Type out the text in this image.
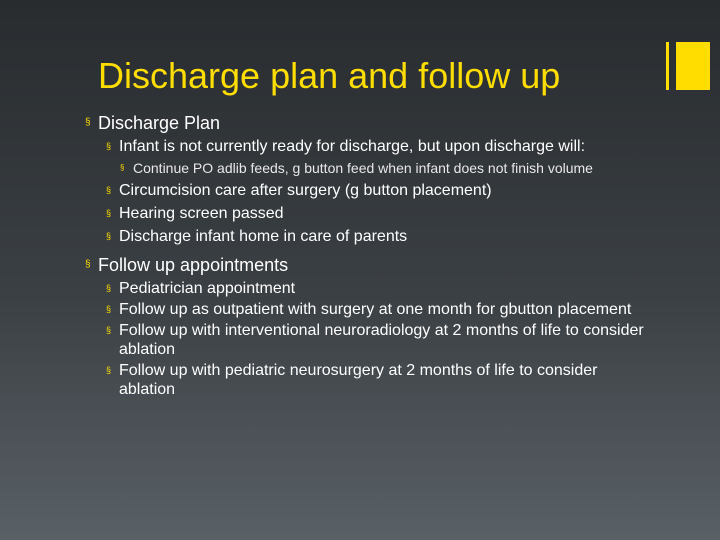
Discharge plan and follow up
§ Discharge Plan
§ Infant is not currently ready for discharge, but upon discharge will:
§ Continue PO adlib feeds, g button feed when infant does not finish volume
§ Circumcision care after surgery (g button placement)
§ Hearing screen passed
§ Discharge infant home in care of parents
§ Follow up appointments
§ Pediatrician appointment
§ Follow up as outpatient with surgery at one month for gbutton placement
§ Follow up with interventional neuroradiology at 2 months of life to consider ablation
§ Follow up with pediatric neurosurgery at 2 months of life to consider ablation
